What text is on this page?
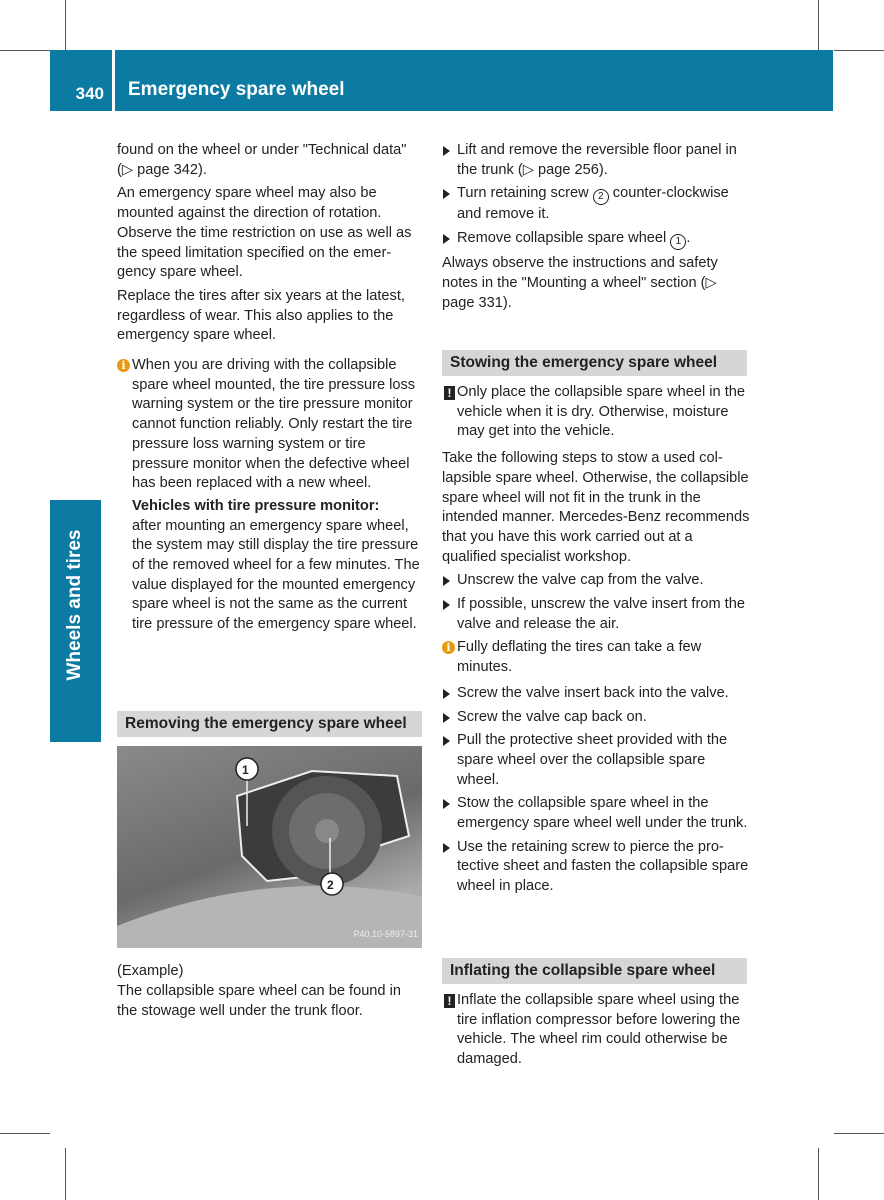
340	Emergency spare wheel
Wheels and tires

found on the wheel or under "Technical data" (▷ page 342).

An emergency spare wheel may also be mounted against the direction of rotation. Observe the time restriction on use as well as the speed limitation specified on the emergency spare wheel.

Replace the tires after six years at the latest, regardless of wear. This also applies to the emergency spare wheel.

i When you are driving with the collapsible spare wheel mounted, the tire pressure loss warning system or the tire pressure monitor cannot function reliably. Only restart the tire pressure loss warning system or tire pressure monitor when the defective wheel has been replaced with a new wheel.
Vehicles with tire pressure monitor:
after mounting an emergency spare wheel, the system may still display the tire pressure of the removed wheel for a few minutes. The value displayed for the mounted emergency spare wheel is not the same as the current tire pressure of the emergency spare wheel.
Removing the emergency spare wheel
(Example)
The collapsible spare wheel can be found in the stowage well under the trunk floor.
1
2
P40.10-5897-31

Lift and remove the reversible floor panel in the trunk (▷ page 256).

Turn retaining screw 2 counter-clockwise and remove it.

Remove collapsible spare wheel 1 .

Always observe the instructions and safety notes in the "Mounting a wheel" section (▷ page 331).

Stowing the emergency spare wheel
! Only place the collapsible spare wheel in the vehicle when it is dry. Otherwise, moisture may get into the vehicle.

Take the following steps to stow a used collapsible spare wheel. Otherwise, the collapsible spare wheel will not fit in the trunk in the intended manner. Mercedes-Benz recommends that you have this work carried out at a qualified specialist workshop.

Unscrew the valve cap from the valve.

If possible, unscrew the valve insert from the valve and release the air.

i Fully deflating the tires can take a few minutes.

Screw the valve insert back into the valve.

Screw the valve cap back on.

Pull the protective sheet provided with the spare wheel over the collapsible spare wheel.

Stow the collapsible spare wheel in the emergency spare wheel well under the trunk.

Use the retaining screw to pierce the protective sheet and fasten the collapsible spare wheel in place.

Inflating the collapsible spare wheel
! Inflate the collapsible spare wheel using the tire inflation compressor before lowering the vehicle. The wheel rim could otherwise be damaged.
